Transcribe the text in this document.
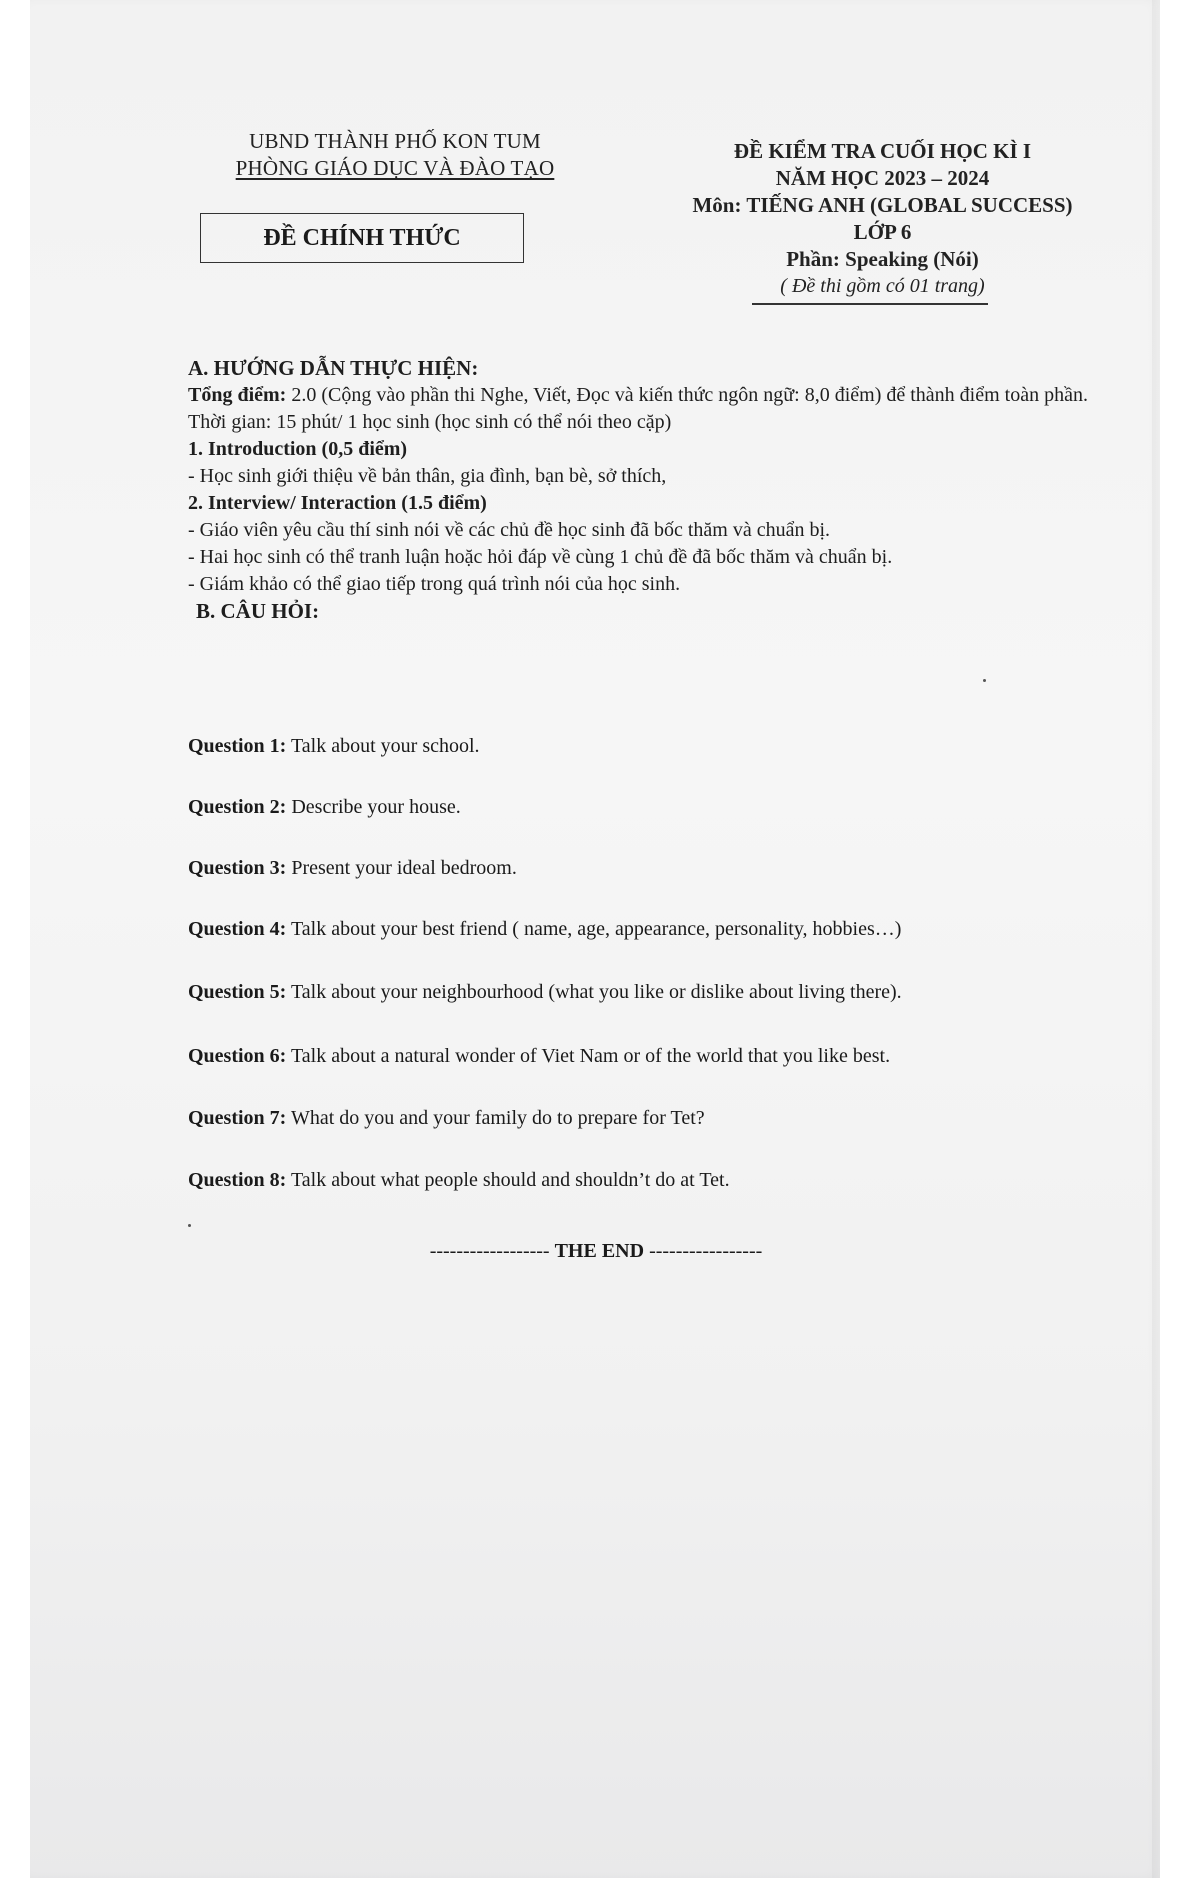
UBND THÀNH PHỐ KON TUM
PHÒNG GIÁO DỤC VÀ ĐÀO TẠO
ĐỀ CHÍNH THỨC
ĐỀ KIỂM TRA CUỐI HỌC KÌ I
NĂM HỌC 2023 – 2024
Môn: TIẾNG ANH (GLOBAL SUCCESS)
LỚP 6
Phần: Speaking (Nói)
( Đề thi gồm có 01 trang)

A. HƯỚNG DẪN THỰC HIỆN:

Tổng điểm: 2.0 (Cộng vào phần thi Nghe, Viết, Đọc và kiến thức ngôn ngữ: 8,0 điểm) để thành điểm toàn phần.

Thời gian: 15 phút/ 1 học sinh (học sinh có thể nói theo cặp)

1. Introduction (0,5 điểm)

- Học sinh giới thiệu về bản thân, gia đình, bạn bè, sở thích,

2. Interview/ Interaction (1.5 điểm)

- Giáo viên yêu cầu thí sinh nói về các chủ đề học sinh đã bốc thăm và chuẩn bị.

- Hai học sinh có thể tranh luận hoặc hỏi đáp về cùng 1 chủ đề đã bốc thăm và chuẩn bị.

- Giám khảo có thể giao tiếp trong quá trình nói của học sinh.

B. CÂU HỎI:

Question 1: Talk about your school.
Question 2: Describe your house.
Question 3: Present your ideal bedroom.
Question 4: Talk about your best friend ( name, age, appearance, personality, hobbies…)
Question 5: Talk about your neighbourhood (what you like or dislike about living there).
Question 6: Talk about a natural wonder of Viet Nam or of the world that you like best.
Question 7: What do you and your family do to prepare for Tet?
Question 8: Talk about what people should and shouldn’t do at Tet.
------------------ THE END -----------------
